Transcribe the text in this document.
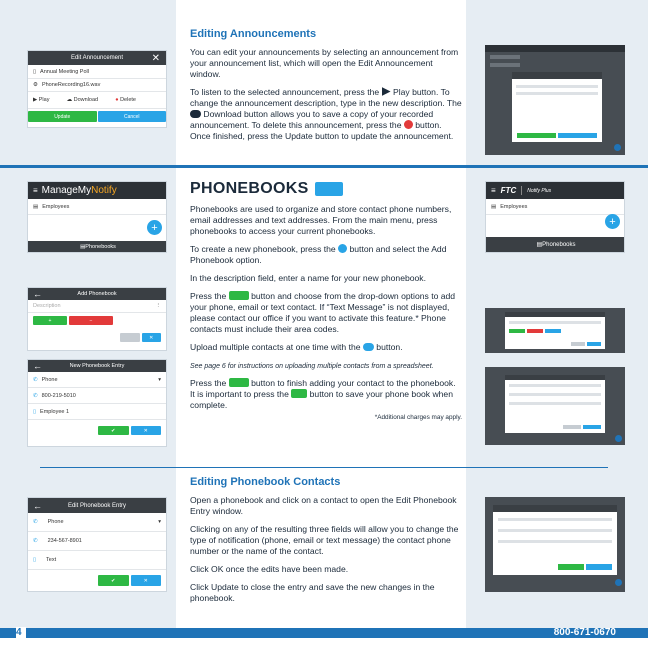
Editing Announcements
You can edit your announcements by selecting an announcement from your announcement list, which will open the Edit Announcement window.
To listen to the selected announcement, press the  Play button. To change the announcement description, type in the new description. The  Download button allows you to save a copy of your recorded announcement. To delete this announcement, press the  button. Once finished, press the Update button to update the announcement.
Edit Announcement	✕
▯ Annual Meeting Poll
⚙ PhoneRecording16.wav
▶ Play	☁ Download	● Delete
Update	Cancel
PHONEBOOKS
Phonebooks are used to organize and store contact phone numbers, email addresses and text addresses. From the main menu, press phonebooks to access your current phonebooks.
To create a new phonebook, press the  button and select the Add Phonebook option.
In the description field, enter a name for your new phonebook.
Press the  button and choose from the drop-down options to add your phone, email or text contact. If “Text Message” is not displayed, please contact our office if you want to activate this feature.* Phone contacts must include their area codes.
Upload multiple contacts at one time with the  button.
See page 6 for instructions on uploading multiple contacts from a spreadsheet.
Press the  button to finish adding your contact to the phonebook. It is important to press the  button to save your phone book when complete.
*Additional charges may apply.
≡ ManageMyNotify
▤ Employees
+
▤ Phonebooks
≡ FTC Notify Plus
▤ Employees
+
▤ Phonebooks
←	Add Phonebook
Description	⋮
+	−
✕
←	New Phonebook Entry
✆ Phone	▾
✆ 800-219-5010
▯ Employee 1
✔	✕
Editing Phonebook Contacts
Open a phonebook and click on a contact to open the Edit Phonebook Entry window.
Clicking on any of the resulting three fields will allow you to change the type of notification (phone, email or text message) the contact phone number or the name of the contact.
Click OK once the edits have been made.
Click Update to close the entry and save the new changes in the phonebook.
←	Edit Phonebook Entry
✆ Phone	▾
✆ 234-567-8901
▯ Text
✔	✕
4	800-671-0670
